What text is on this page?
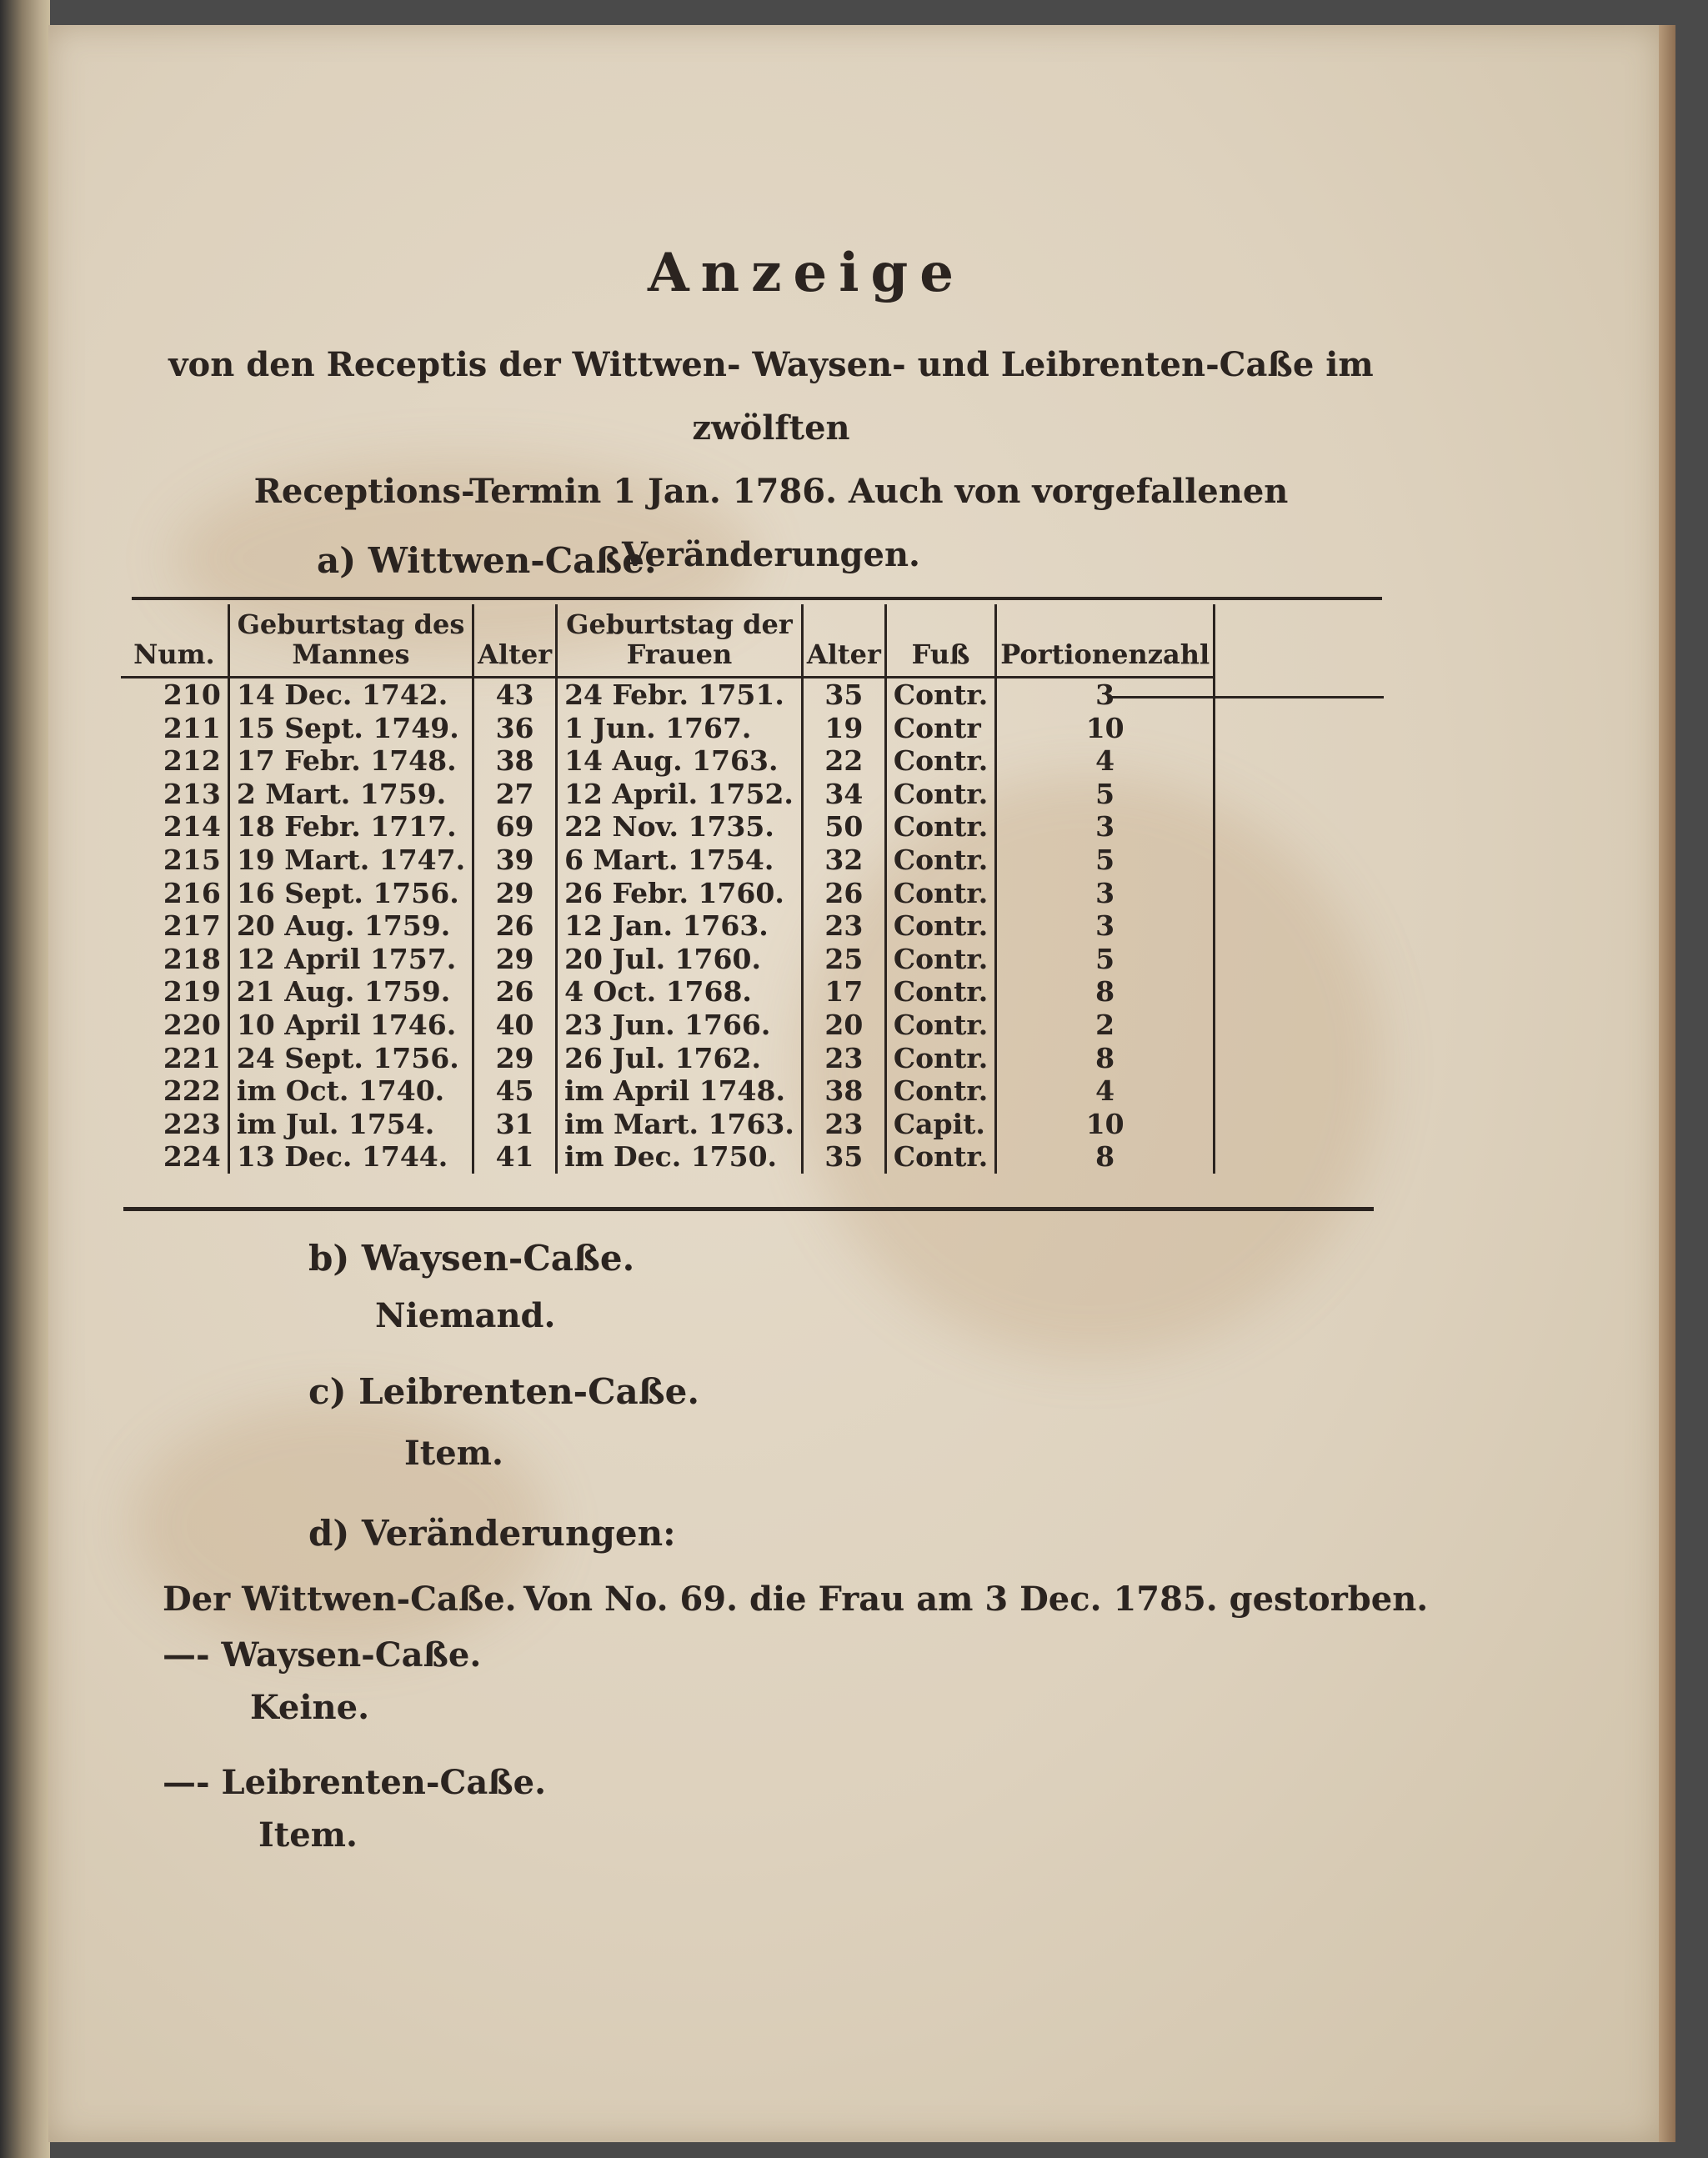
Anzeige
von den Receptis der Wittwen- Waysen- und Leibrenten-Caße im zwölften
Receptions-Termin 1 Jan. 1786. Auch von vorgefallenen
Veränderungen.
a) Wittwen-Caße.
Num.	Geburtstag des Mannes	Alter	Geburtstag der Frauen	Alter	Fuß	Portionenzahl	
210	14 Dec. 1742.	43	24 Febr. 1751.	35	Contr.	3	
211	15 Sept. 1749.	36	1 Jun. 1767.	19	Contr	10	
212	17 Febr. 1748.	38	14 Aug. 1763.	22	Contr.	4	
213	2 Mart. 1759.	27	12 April. 1752.	34	Contr.	5	
214	18 Febr. 1717.	69	22 Nov. 1735.	50	Contr.	3	
215	19 Mart. 1747.	39	6 Mart. 1754.	32	Contr.	5	
216	16 Sept. 1756.	29	26 Febr. 1760.	26	Contr.	3	
217	20 Aug. 1759.	26	12 Jan. 1763.	23	Contr.	3	
218	12 April 1757.	29	20 Jul. 1760.	25	Contr.	5	
219	21 Aug. 1759.	26	4 Oct. 1768.	17	Contr.	8	
220	10 April 1746.	40	23 Jun. 1766.	20	Contr.	2	
221	24 Sept. 1756.	29	26 Jul. 1762.	23	Contr.	8	
222	im Oct. 1740.	45	im April 1748.	38	Contr.	4	
223	im Jul. 1754.	31	im Mart. 1763.	23	Capit.	10	
224	13 Dec. 1744.	41	im Dec. 1750.	35	Contr.	8	
b) Waysen-Caße.
Niemand.
c) Leibrenten-Caße.
Item.
d) Veränderungen:
Der Wittwen-Caße. Von No. 69. die Frau am 3 Dec. 1785. gestorben.
—- Waysen-Caße.
Keine.
—- Leibrenten-Caße.
Item.
